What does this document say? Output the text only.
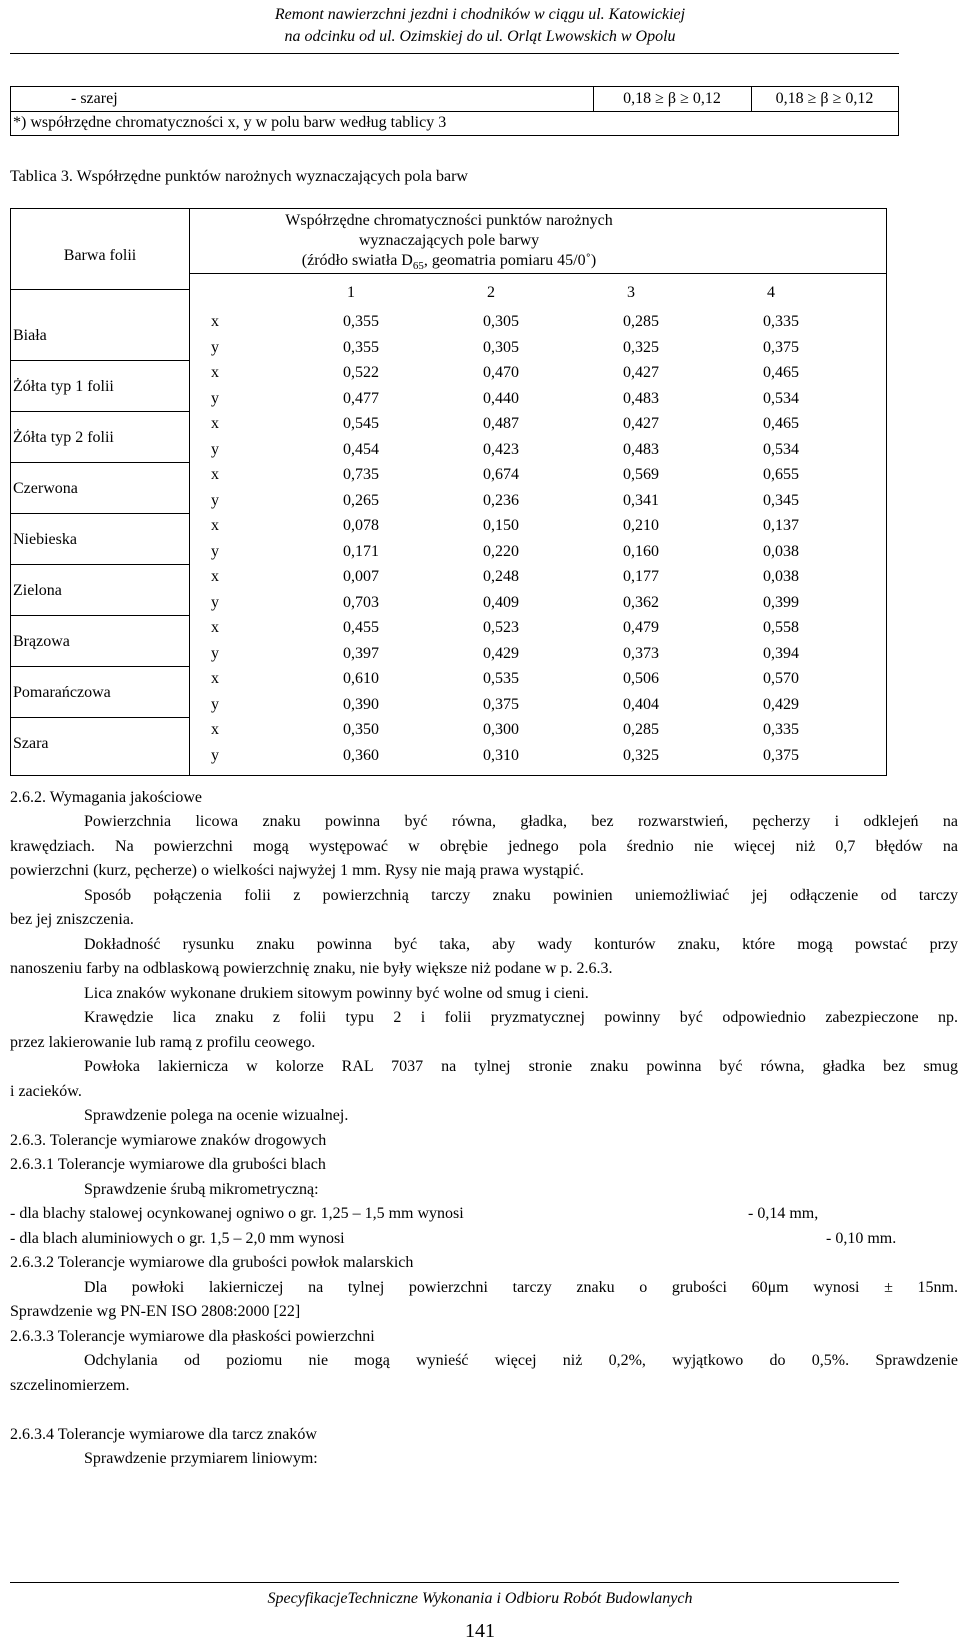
Remont nawierzchni jezdni i chodników w ciągu ul. Katowickiej
na odcinku od ul. Ozimskiej do ul. Orląt Lwowskich w Opolu
- szarej	0,18 ≥ β ≥ 0,12	0,18 ≥ β ≥ 0,12
*) współrzędne chromatyczności x, y w polu barw według tablicy 3
Tablica 3. Współrzędne punktów narożnych wyznaczających pola barw
Barwa folii
Współrzędne chromatyczności punktów narożnych
wyznaczających pole barwy
(źródło swiatła $D_{65}$, geomatria pomiaru 45/0˚)
1	2	3	4
Biała
x	0,355	0,305	0,285	0,335
y	0,355	0,305	0,325	0,375
Żółta typ 1 folii
x	0,522	0,470	0,427	0,465
y	0,477	0,440	0,483	0,534
Żółta typ 2 folii
x	0,545	0,487	0,427	0,465
y	0,454	0,423	0,483	0,534
Czerwona
x	0,735	0,674	0,569	0,655
y	0,265	0,236	0,341	0,345
Niebieska
x	0,078	0,150	0,210	0,137
y	0,171	0,220	0,160	0,038
Zielona
x	0,007	0,248	0,177	0,038
y	0,703	0,409	0,362	0,399
Brązowa
x	0,455	0,523	0,479	0,558
y	0,397	0,429	0,373	0,394
Pomarańczowa
x	0,610	0,535	0,506	0,570
y	0,390	0,375	0,404	0,429
Szara
x	0,350	0,300	0,285	0,335
y	0,360	0,310	0,325	0,375
2.6.2. Wymagania jakościowe
Powierzchnia licowa znaku powinna być równa, gładka, bez rozwarstwień, pęcherzy i odklejeń na
krawędziach. Na powierzchni mogą występować w obrębie jednego pola średnio nie więcej niż 0,7 błędów na
powierzchni (kurz, pęcherze) o wielkości najwyżej 1 mm. Rysy nie mają prawa wystąpić.
Sposób połączenia folii z powierzchnią tarczy znaku powinien uniemożliwiać jej odłączenie od tarczy
bez jej zniszczenia.
Dokładność rysunku znaku powinna być taka, aby wady konturów znaku, które mogą powstać przy
nanoszeniu farby na odblaskową powierzchnię znaku, nie były większe niż podane w p. 2.6.3.
Lica znaków wykonane drukiem sitowym powinny być wolne od smug i cieni.
Krawędzie lica znaku z folii typu 2 i folii pryzmatycznej powinny być odpowiednio zabezpieczone np.
przez lakierowanie lub ramą z profilu ceowego.
Powłoka lakiernicza w kolorze RAL 7037 na tylnej stronie znaku powinna być równa, gładka bez smug
i zacieków.
Sprawdzenie polega na ocenie wizualnej.
2.6.3. Tolerancje wymiarowe znaków drogowych
2.6.3.1 Tolerancje wymiarowe dla grubości blach
Sprawdzenie śrubą mikrometryczną:
- dla blachy stalowej ocynkowanej ogniwo o gr. 1,25 – 1,5 mm wynosi	- 0,14 mm,
- dla blach aluminiowych o gr. 1,5 – 2,0 mm wynosi	- 0,10 mm.
2.6.3.2 Tolerancje wymiarowe dla grubości powłok malarskich
Dla powłoki lakierniczej na tylnej powierzchni tarczy znaku o grubości 60μm wynosi ± 15nm.
Sprawdzenie wg PN-EN ISO 2808:2000 [22]
2.6.3.3 Tolerancje wymiarowe dla płaskości powierzchni
Odchylania od poziomu nie mogą wynieść więcej niż 0,2%, wyjątkowo do 0,5%. Sprawdzenie
szczelinomierzem.
2.6.3.4 Tolerancje wymiarowe dla tarcz znaków
Sprawdzenie przymiarem liniowym:
SpecyfikacjeTechniczne Wykonania i Odbioru Robót Budowlanych
141
